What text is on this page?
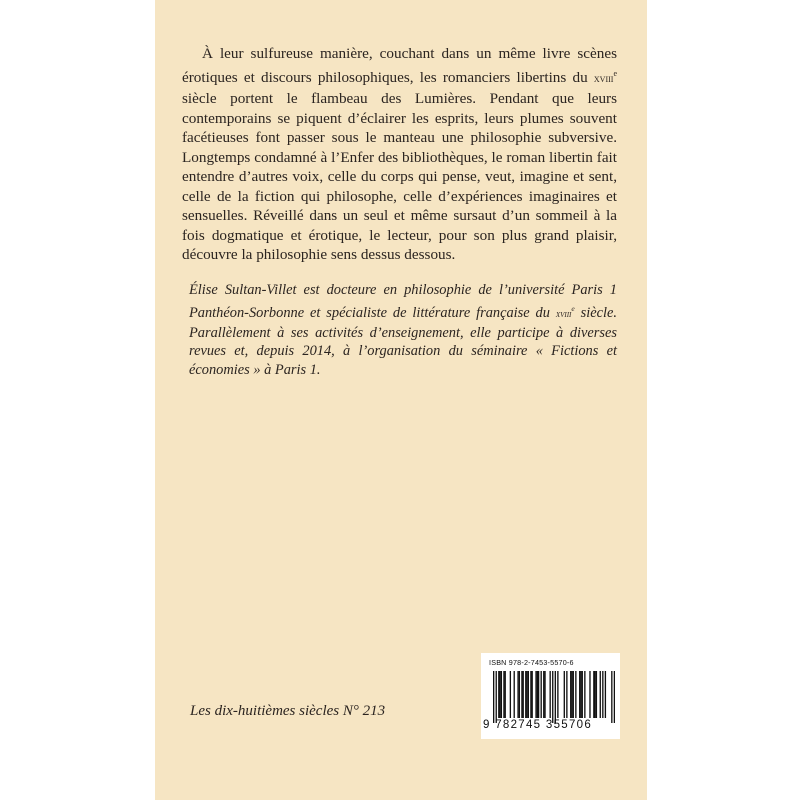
À leur sulfureuse manière, couchant dans un même livre scènes érotiques et discours philosophiques, les romanciers libertins du xviii$^e$ siècle portent le flambeau des Lumières. Pendant que leurs contemporains se piquent d’éclairer les esprits, leurs plumes souvent facétieuses font passer sous le manteau une philosophie subversive. Longtemps condamné à l’Enfer des bibliothèques, le roman libertin fait entendre d’autres voix, celle du corps qui pense, veut, imagine et sent, celle de la fiction qui philosophe, celle d’expériences imaginaires et sensuelles. Réveillé dans un seul et même sursaut d’un sommeil à la fois dogmatique et érotique, le lecteur, pour son plus grand plaisir, découvre la philosophie sens dessus dessous.

Élise Sultan-Villet est docteure en philosophie de l’université Paris 1 Panthéon-Sorbonne et spécialiste de littérature française du xviii$^e$ siècle. Parallèlement à ses activités d’enseignement, elle participe à diverses revues et, depuis 2014, à l’organisation du séminaire « Fictions et économies » à Paris 1.

Les dix-huitièmes siècles N° 213
ISBN 978-2-7453-5570-6
9 782745 355706
